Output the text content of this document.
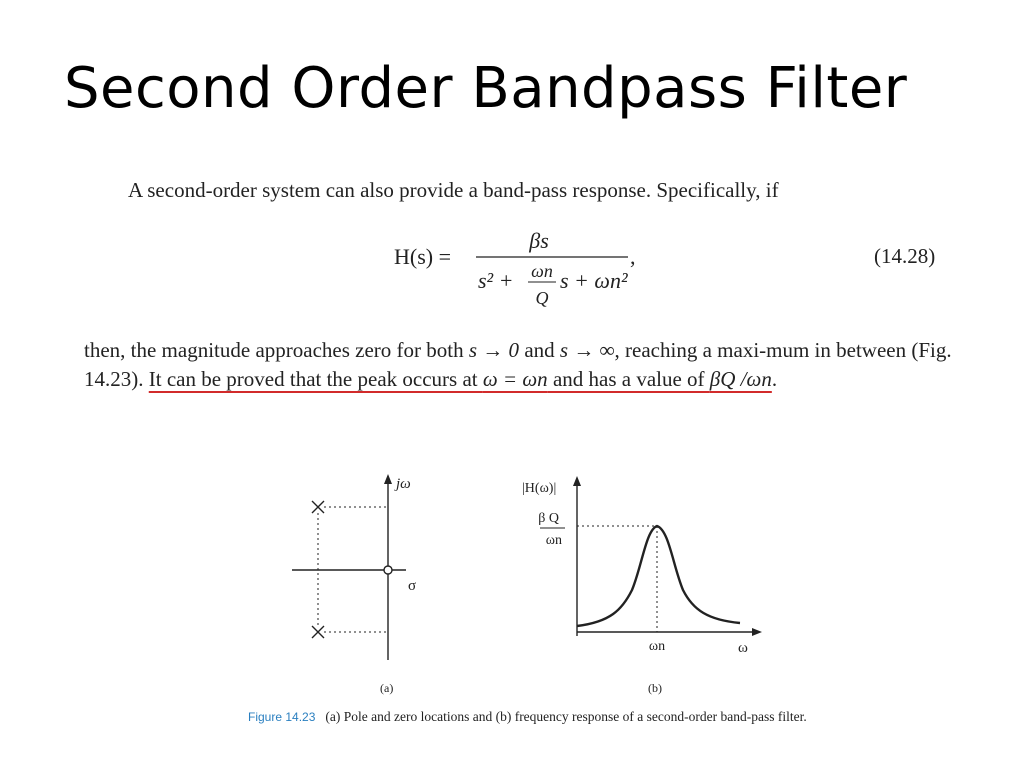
Second Order Bandpass Filter
A second-order system can also provide a band-pass response. Specifically, if
H(s) =
βs
s² + ωn
Q
s + ωn²
,	(14.28)
then, the magnitude approaches zero for both s → 0 and s → ∞, reaching a maxi-mum in between (Fig. 14.23). It can be proved that the peak occurs at ω = ωn and has a value of βQ /ωn.
jω
σ
(a)
|H(ω)|
β Q
ωn
ωn	ω
(b)
Figure 14.23 (a) Pole and zero locations and (b) frequency response of a second-order band-pass filter.
